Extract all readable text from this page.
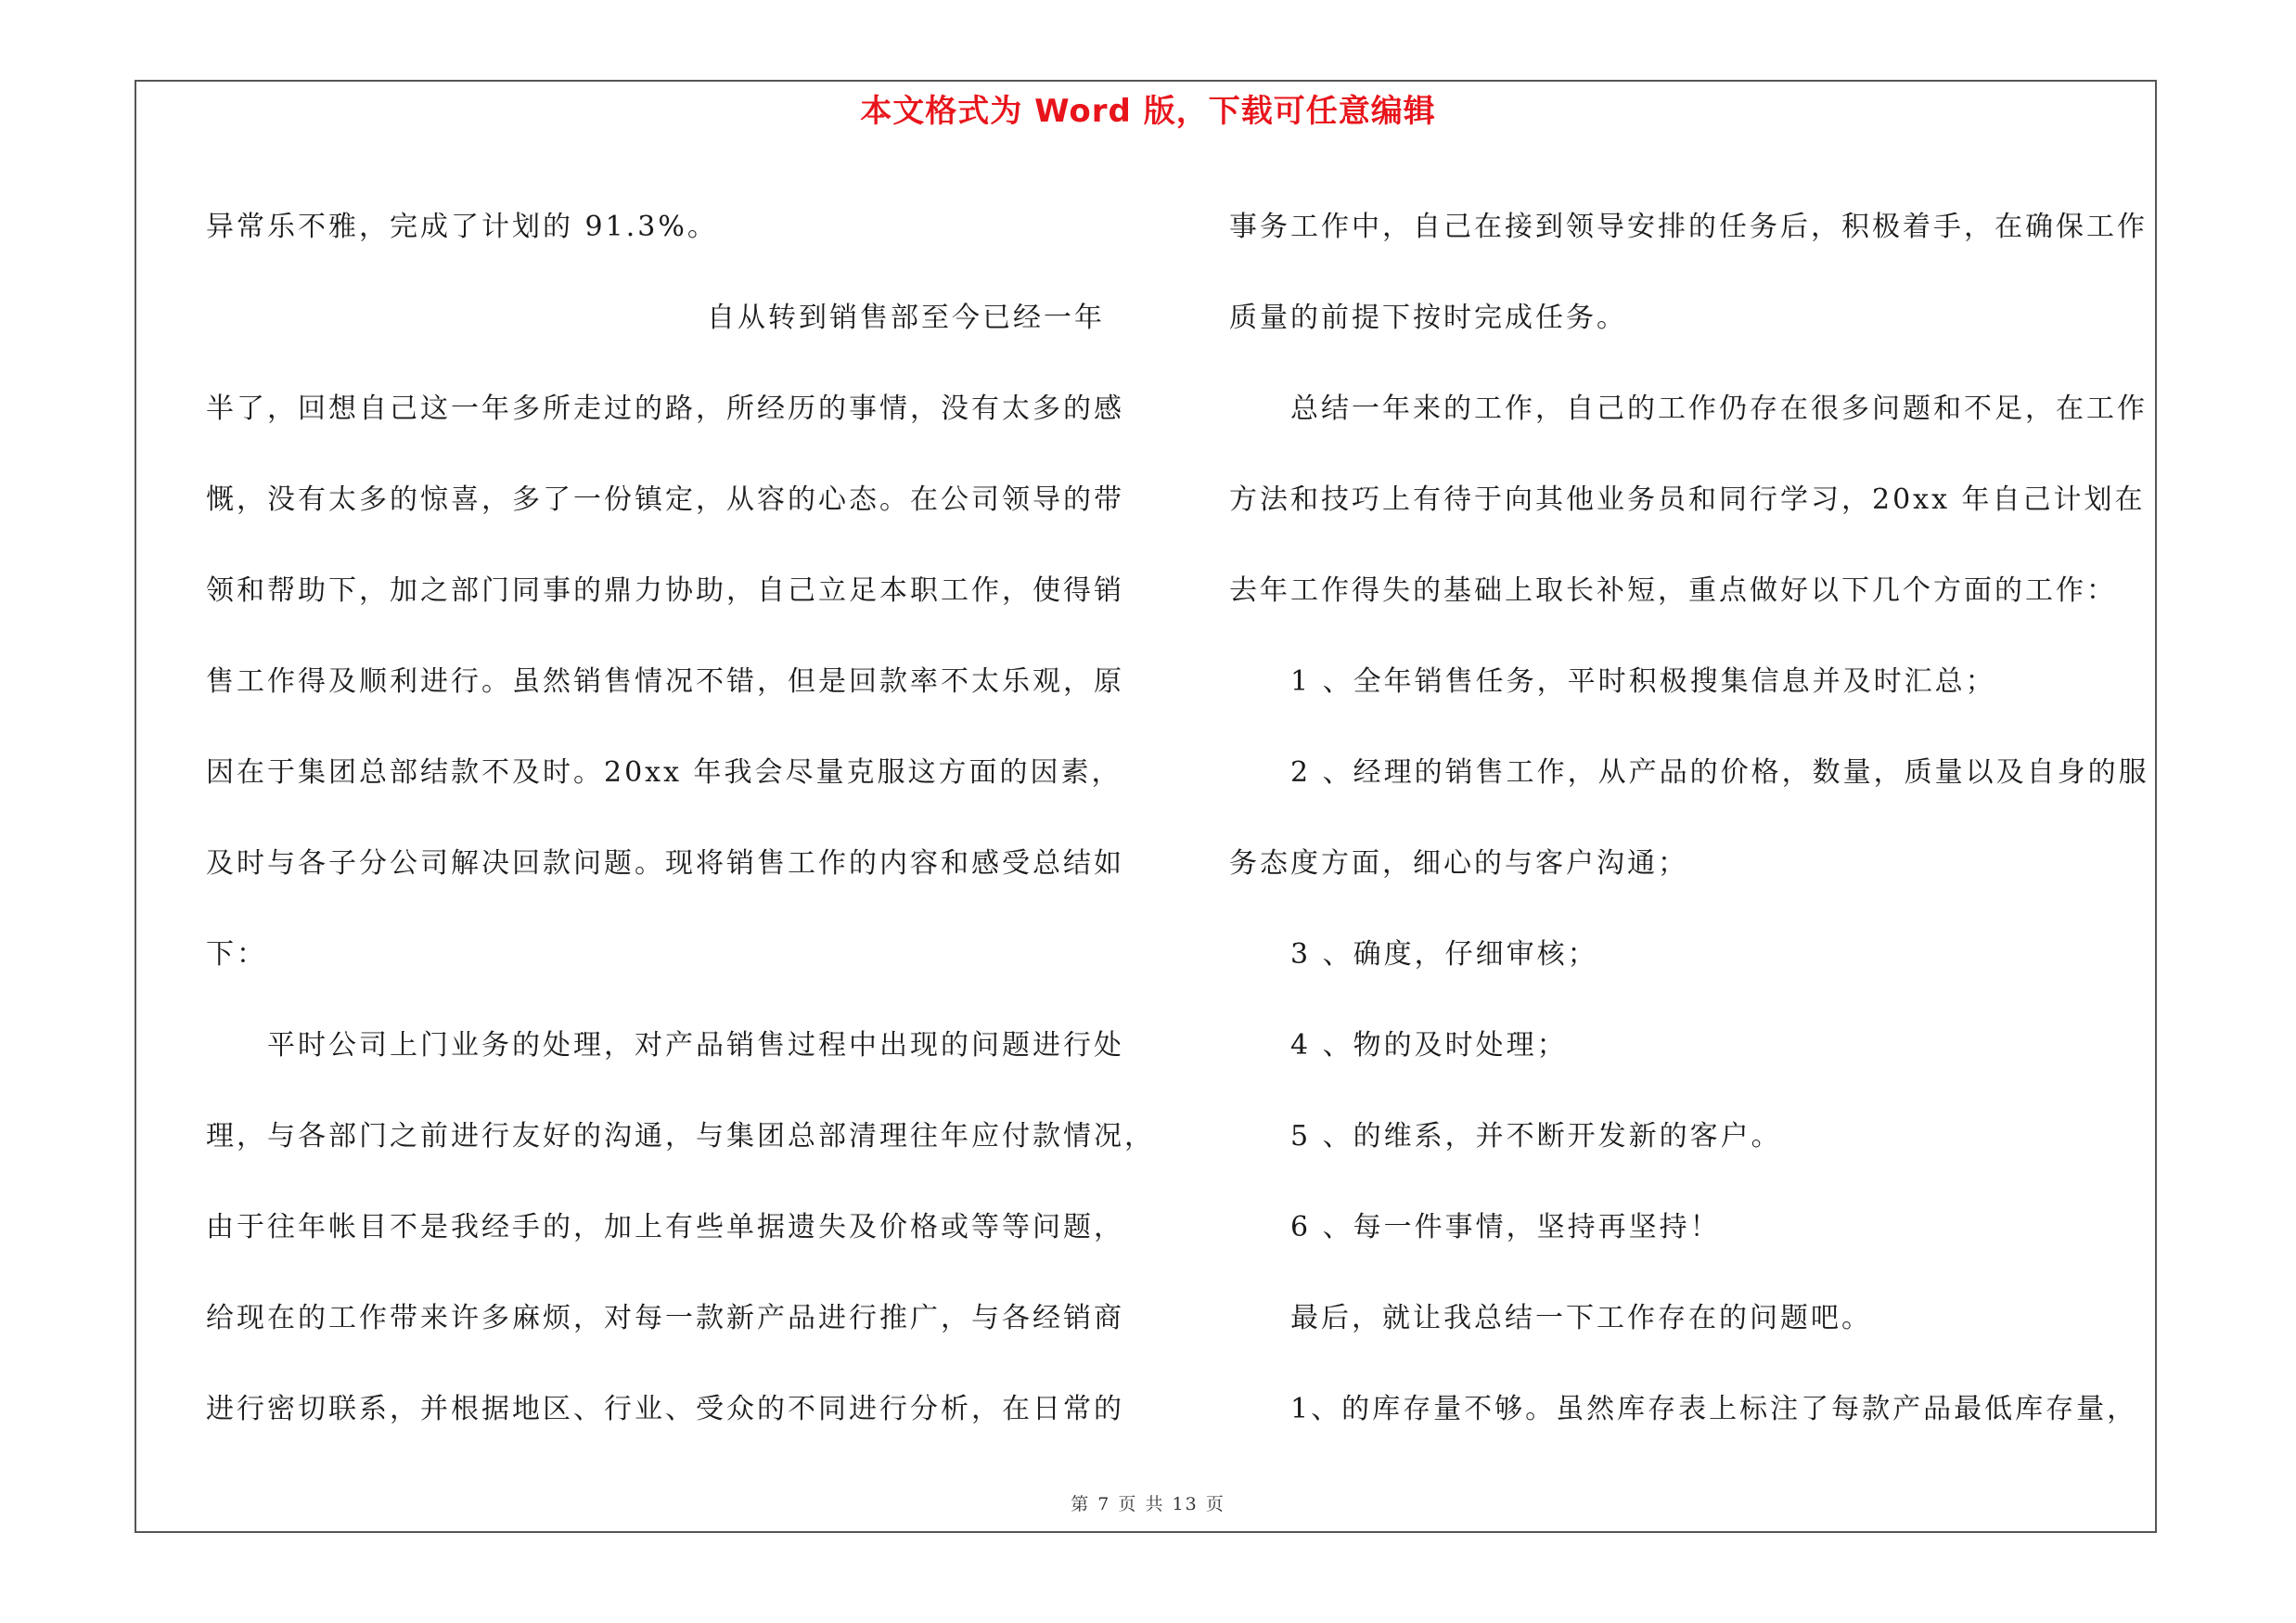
本文格式为 Word 版，下载可任意编辑
异常乐不雅，完成了计划的 91.3%。
自从转到销售部至今已经一年
半了，回想自己这一年多所走过的路，所经历的事情，没有太多的感
慨，没有太多的惊喜，多了一份镇定，从容的心态。在公司领导的带
领和帮助下，加之部门同事的鼎力协助，自己立足本职工作，使得销
售工作得及顺利进行。虽然销售情况不错，但是回款率不太乐观，原
因在于集团总部结款不及时。20xx 年我会尽量克服这方面的因素，
及时与各子分公司解决回款问题。现将销售工作的内容和感受总结如
下：
平时公司上门业务的处理，对产品销售过程中出现的问题进行处
理，与各部门之前进行友好的沟通，与集团总部清理往年应付款情况，
由于往年帐目不是我经手的，加上有些单据遗失及价格或等等问题，
给现在的工作带来许多麻烦，对每一款新产品进行推广，与各经销商
进行密切联系，并根据地区、行业、受众的不同进行分析，在日常的
事务工作中，自己在接到领导安排的任务后，积极着手，在确保工作
质量的前提下按时完成任务。
总结一年来的工作，自己的工作仍存在很多问题和不足，在工作
方法和技巧上有待于向其他业务员和同行学习，20xx 年自己计划在
去年工作得失的基础上取长补短，重点做好以下几个方面的工作：
1 、全年销售任务，平时积极搜集信息并及时汇总；
2 、经理的销售工作，从产品的价格，数量，质量以及自身的服
务态度方面，细心的与客户沟通；
3 、确度，仔细审核；
4 、物的及时处理；
5 、的维系，并不断开发新的客户。
6 、每一件事情，坚持再坚持！
最后，就让我总结一下工作存在的问题吧。
1、的库存量不够。虽然库存表上标注了每款产品最低库存量，
第 7 页 共 13 页
